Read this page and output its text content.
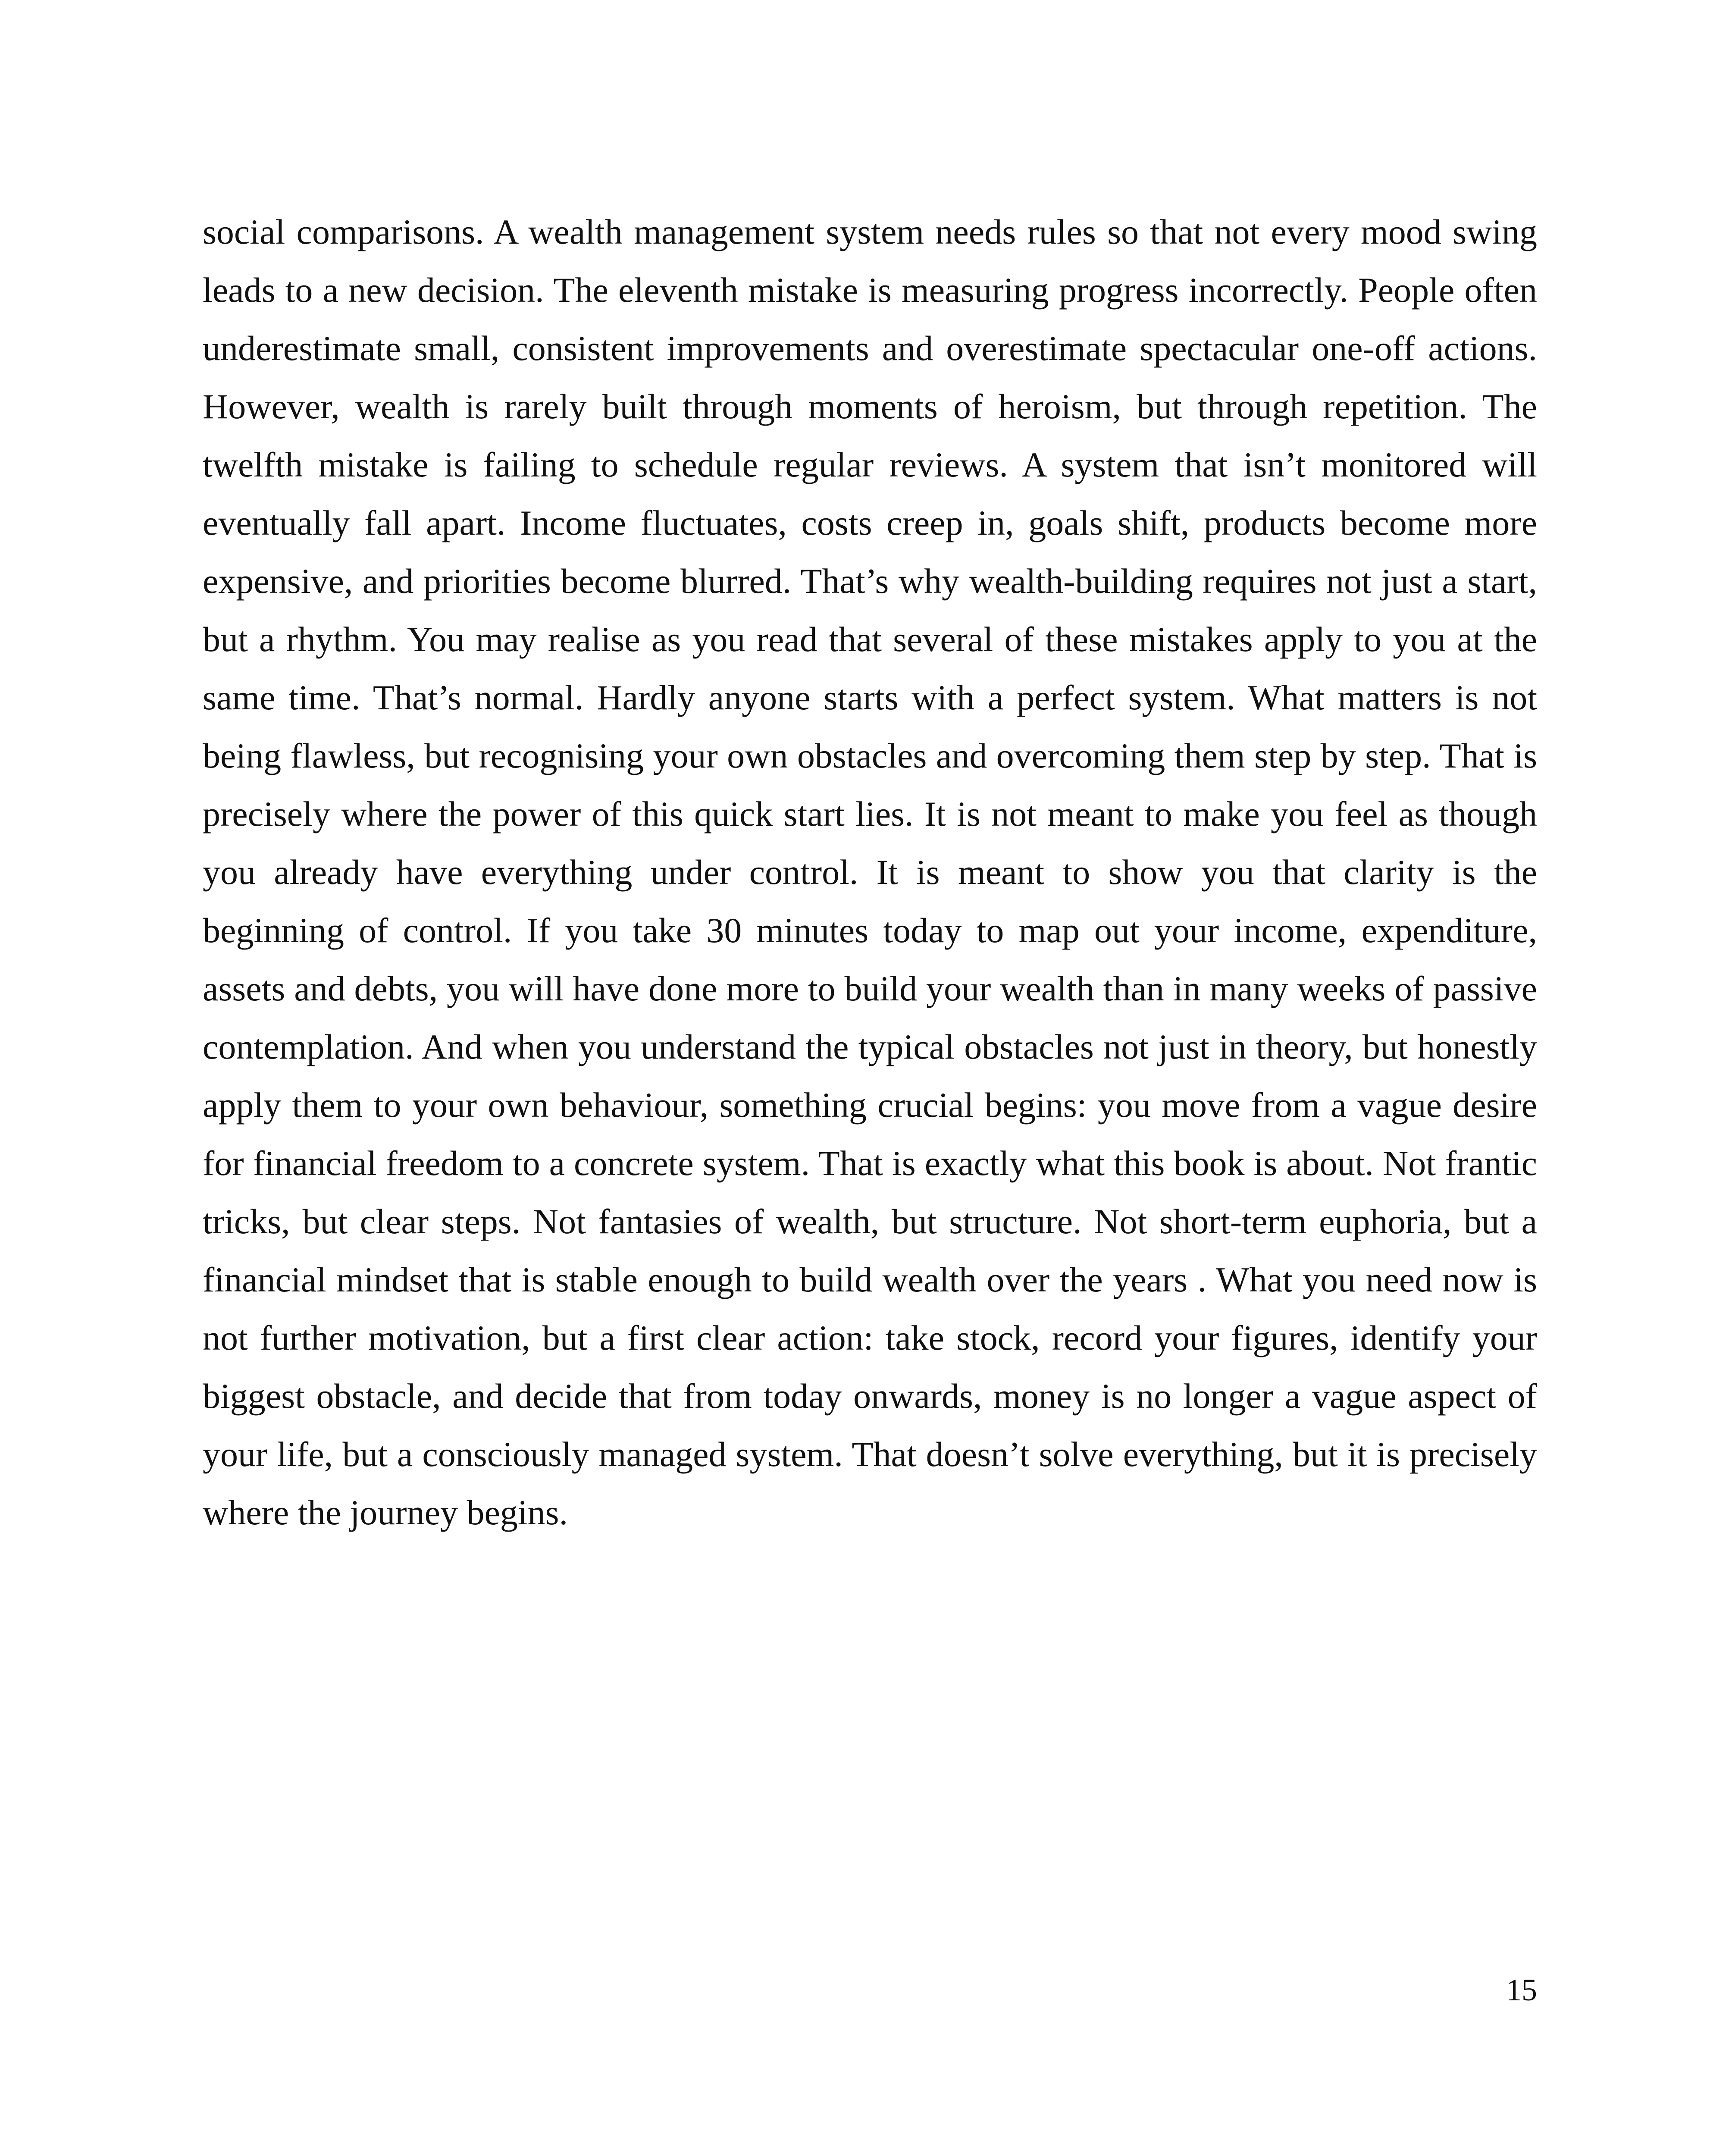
social comparisons. A wealth management system needs rules so that not every mood swing leads to a new decision. The eleventh mistake is measuring progress incorrectly. People often underestimate small, consistent improvements and overestimate spectacular one-off actions. However, wealth is rarely built through moments of heroism, but through repetition. The twelfth mistake is failing to schedule regular reviews. A system that isn’t monitored will eventually fall apart. Income fluctuates, costs creep in, goals shift, products become more expensive, and priorities become blurred. That’s why wealth-building requires not just a start, but a rhythm. You may realise as you read that several of these mistakes apply to you at the same time. That’s normal. Hardly anyone starts with a perfect system. What matters is not being flawless, but recognising your own obstacles and overcoming them step by step. That is precisely where the power of this quick start lies. It is not meant to make you feel as though you already have everything under control. It is meant to show you that clarity is the beginning of control. If you take 30 minutes today to map out your income, expenditure, assets and debts, you will have done more to build your wealth than in many weeks of passive contemplation. And when you understand the typical obstacles not just in theory, but honestly apply them to your own behaviour, something crucial begins: you move from a vague desire for financial freedom to a concrete system. That is exactly what this book is about. Not frantic tricks, but clear steps. Not fantasies of wealth, but structure. Not short-term euphoria, but a financial mindset that is stable enough to build wealth over the years . What you need now is not further motivation, but a first clear action: take stock, record your figures, identify your biggest obstacle, and decide that from today onwards, money is no longer a vague aspect of your life, but a consciously managed system. That doesn’t solve everything, but it is precisely where the journey begins.

15
